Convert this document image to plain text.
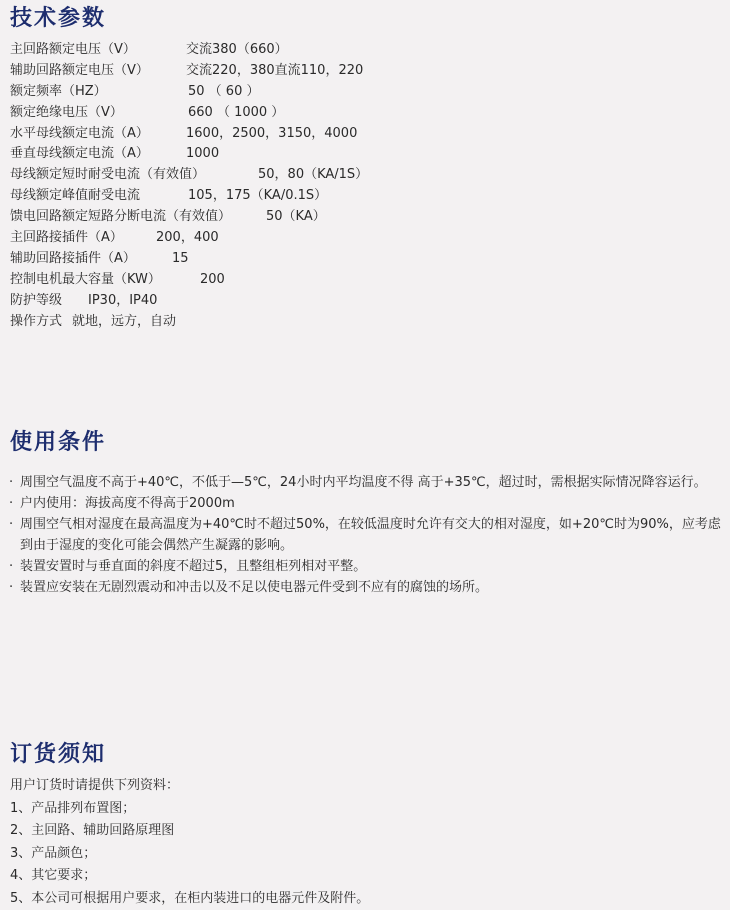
技术参数
主回路额定电压（V）	交流380（660）
辅助回路额定电压（V）	交流220，380直流110，220
额定频率（HZ）	50 （ 60 ）
额定绝缘电压（V）	660 （ 1000 ）
水平母线额定电流（A）	1600，2500，3150，4000
垂直母线额定电流（A）	1000
母线额定短时耐受电流（有效值）	50，80（KA/1S）
母线额定峰值耐受电流	105，175（KA/0.1S）
馈电回路额定短路分断电流（有效值）	50（KA）
主回路接插件（A）	200，400
辅助回路接插件（A）	15
控制电机最大容量（KW）	200
防护等级 IP30，IP40
操作方式 就地，远方，自动
使用条件
· 周围空气温度不高于+40℃，不低于—5℃，24小时内平均温度不得 高于+35℃，超过时，需根据实际情况降容运行。
· 户内使用：海拔高度不得高于2000m
· 周围空气相对湿度在最高温度为+40℃时不超过50%，在较低温度时允许有交大的相对湿度，如+20℃时为90%，应考虑到由于湿度的变化可能会偶然产生凝露的影响。
· 装置安置时与垂直面的斜度不超过5，且整组柜列相对平整。
· 装置应安装在无剧烈震动和冲击以及不足以使电器元件受到不应有的腐蚀的场所。
订货须知
用户订货时请提供下列资料：
1、产品排列布置图；
2、主回路、辅助回路原理图
3、产品颜色；
4、其它要求；
5、本公司可根据用户要求，在柜内装进口的电器元件及附件。
